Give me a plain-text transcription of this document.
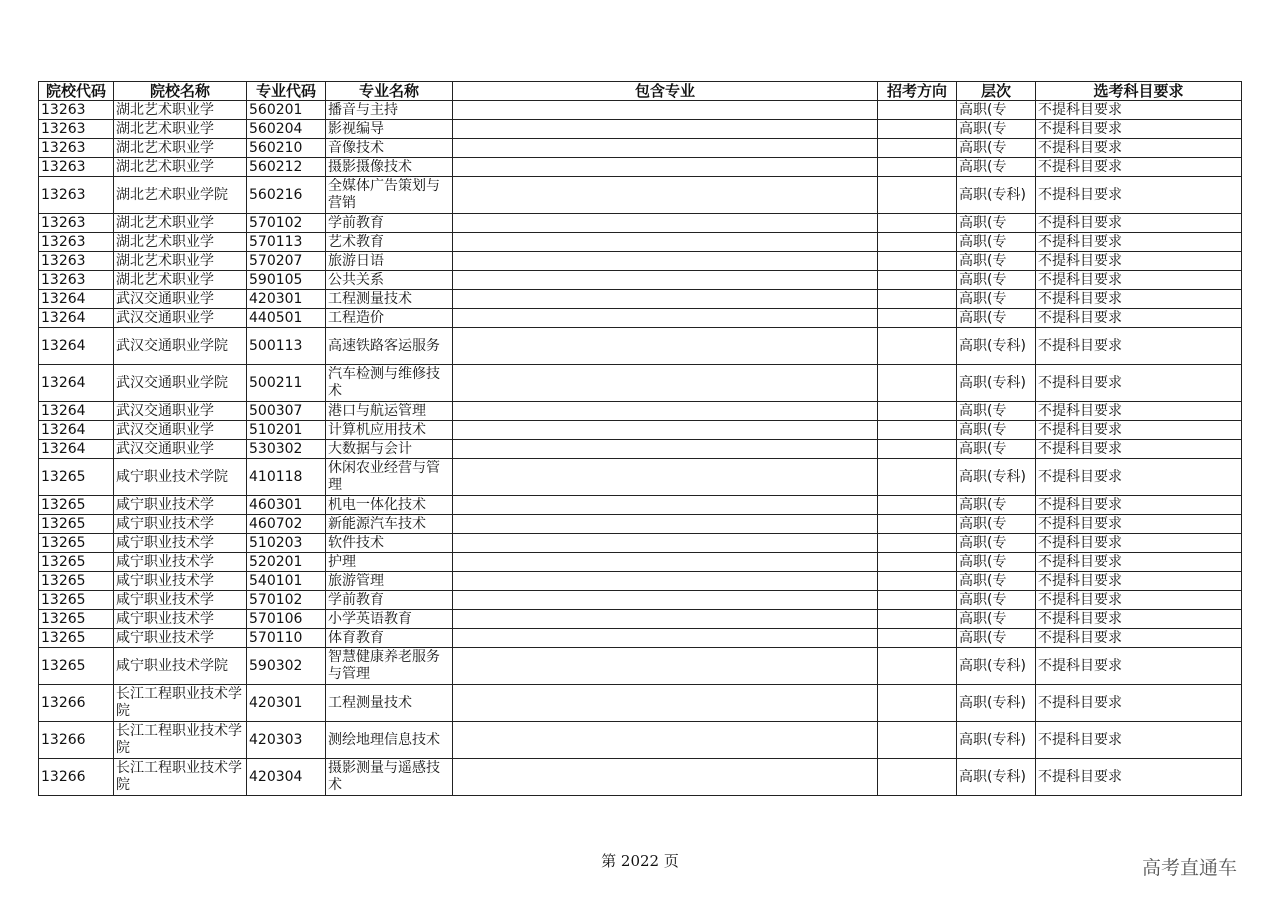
院校代码	院校名称	专业代码	专业名称	包含专业	招考方向	层次	选考科目要求

13263	湖北艺术职业学	560201	播音与主持			高职(专	不提科目要求

13263	湖北艺术职业学	560204	影视编导			高职(专	不提科目要求

13263	湖北艺术职业学	560210	音像技术			高职(专	不提科目要求

13263	湖北艺术职业学	560212	摄影摄像技术			高职(专	不提科目要求

13263	湖北艺术职业学院	560216	全媒体广告策划与营销			高职(专科)	不提科目要求

13263	湖北艺术职业学	570102	学前教育			高职(专	不提科目要求

13263	湖北艺术职业学	570113	艺术教育			高职(专	不提科目要求

13263	湖北艺术职业学	570207	旅游日语			高职(专	不提科目要求

13263	湖北艺术职业学	590105	公共关系			高职(专	不提科目要求

13264	武汉交通职业学	420301	工程测量技术			高职(专	不提科目要求

13264	武汉交通职业学	440501	工程造价			高职(专	不提科目要求

13264	武汉交通职业学院	500113	高速铁路客运服务			高职(专科)	不提科目要求

13264	武汉交通职业学院	500211	汽车检测与维修技术			高职(专科)	不提科目要求

13264	武汉交通职业学	500307	港口与航运管理			高职(专	不提科目要求

13264	武汉交通职业学	510201	计算机应用技术			高职(专	不提科目要求

13264	武汉交通职业学	530302	大数据与会计			高职(专	不提科目要求

13265	咸宁职业技术学院	410118	休闲农业经营与管理			高职(专科)	不提科目要求

13265	咸宁职业技术学	460301	机电一体化技术			高职(专	不提科目要求

13265	咸宁职业技术学	460702	新能源汽车技术			高职(专	不提科目要求

13265	咸宁职业技术学	510203	软件技术			高职(专	不提科目要求

13265	咸宁职业技术学	520201	护理			高职(专	不提科目要求

13265	咸宁职业技术学	540101	旅游管理			高职(专	不提科目要求

13265	咸宁职业技术学	570102	学前教育			高职(专	不提科目要求

13265	咸宁职业技术学	570106	小学英语教育			高职(专	不提科目要求

13265	咸宁职业技术学	570110	体育教育			高职(专	不提科目要求

13265	咸宁职业技术学院	590302	智慧健康养老服务与管理			高职(专科)	不提科目要求

13266	长江工程职业技术学院	420301	工程测量技术			高职(专科)	不提科目要求

13266	长江工程职业技术学院	420303	测绘地理信息技术			高职(专科)	不提科目要求

13266	长江工程职业技术学院	420304	摄影测量与遥感技术			高职(专科)	不提科目要求
第 2022 页	高考直通车
